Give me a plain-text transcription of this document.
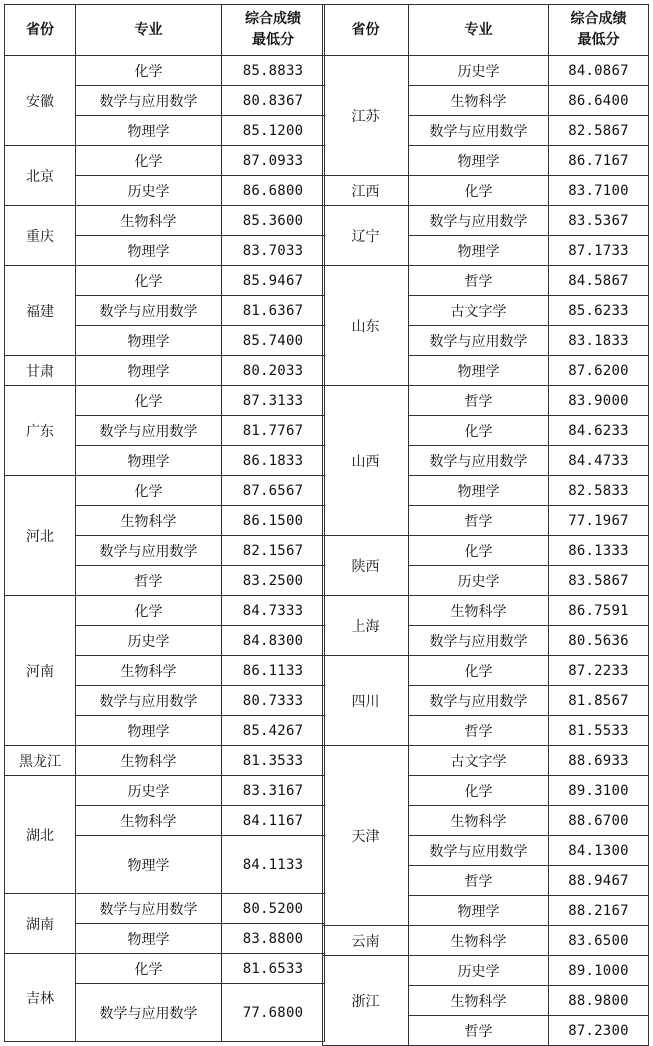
省份	专业	综合成绩
最低分
安徽	化学	85.8833
	数学与应用数学	80.8367
	物理学	85.1200
北京	化学	87.0933
	历史学	86.6800
重庆	生物科学	85.3600
	物理学	83.7033
福建	化学	85.9467
	数学与应用数学	81.6367
	物理学	85.7400
甘肃	物理学	80.2033
广东	化学	87.3133
	数学与应用数学	81.7767
	物理学	86.1833
河北	化学	87.6567
	生物科学	86.1500
	数学与应用数学	82.1567
	哲学	83.2500
河南	化学	84.7333
	历史学	84.8300
	生物科学	86.1133
	数学与应用数学	80.7333
	物理学	85.4267
黑龙江	生物科学	81.3533
湖北	历史学	83.3167
	生物科学	84.1167
	物理学	84.1133
湖南	数学与应用数学	80.5200
	物理学	83.8800
吉林	化学	81.6533
	数学与应用数学	77.6800
省份	专业	综合成绩
最低分
江苏	历史学	84.0867
	生物科学	86.6400
	数学与应用数学	82.5867
	物理学	86.7167
江西	化学	83.7100
辽宁	数学与应用数学	83.5367
	物理学	87.1733
山东	哲学	84.5867
	古文字学	85.6233
	数学与应用数学	83.1833
	物理学	87.6200
山西	哲学	83.9000
	化学	84.6233
	数学与应用数学	84.4733
	物理学	82.5833
	哲学	77.1967
陕西	化学	86.1333
	历史学	83.5867
上海	生物科学	86.7591
	数学与应用数学	80.5636
四川	化学	87.2233
	数学与应用数学	81.8567
	哲学	81.5533
天津	古文字学	88.6933
	化学	89.3100
	生物科学	88.6700
	数学与应用数学	84.1300
	哲学	88.9467
	物理学	88.2167
云南	生物科学	83.6500
浙江	历史学	89.1000
	生物科学	88.9800
	哲学	87.2300
